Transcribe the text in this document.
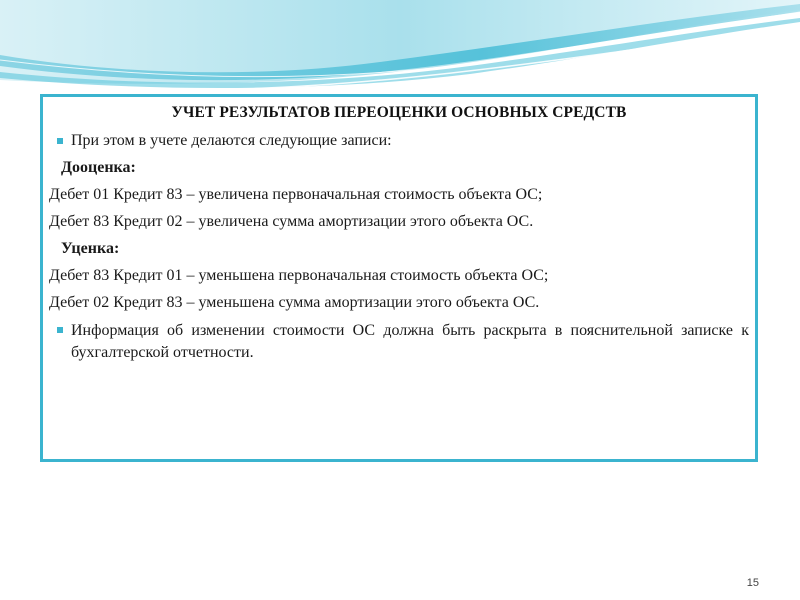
УЧЕТ РЕЗУЛЬТАТОВ ПЕРЕОЦЕНКИ ОСНОВНЫХ СРЕДСТВ
При этом в учете делаются следующие записи:
Дооценка:
Дебет 01 Кредит 83 – увеличена первоначальная стоимость объекта ОС;
Дебет 83 Кредит 02 – увеличена сумма амортизации этого объекта ОС.
Уценка:
Дебет 83 Кредит 01 – уменьшена первоначальная стоимость объекта ОС;
Дебет 02 Кредит 83 – уменьшена сумма амортизации этого объекта ОС.
Информация об изменении стоимости ОС должна быть раскрыта в пояснительной записке к бухгалтерской отчетности.
15
